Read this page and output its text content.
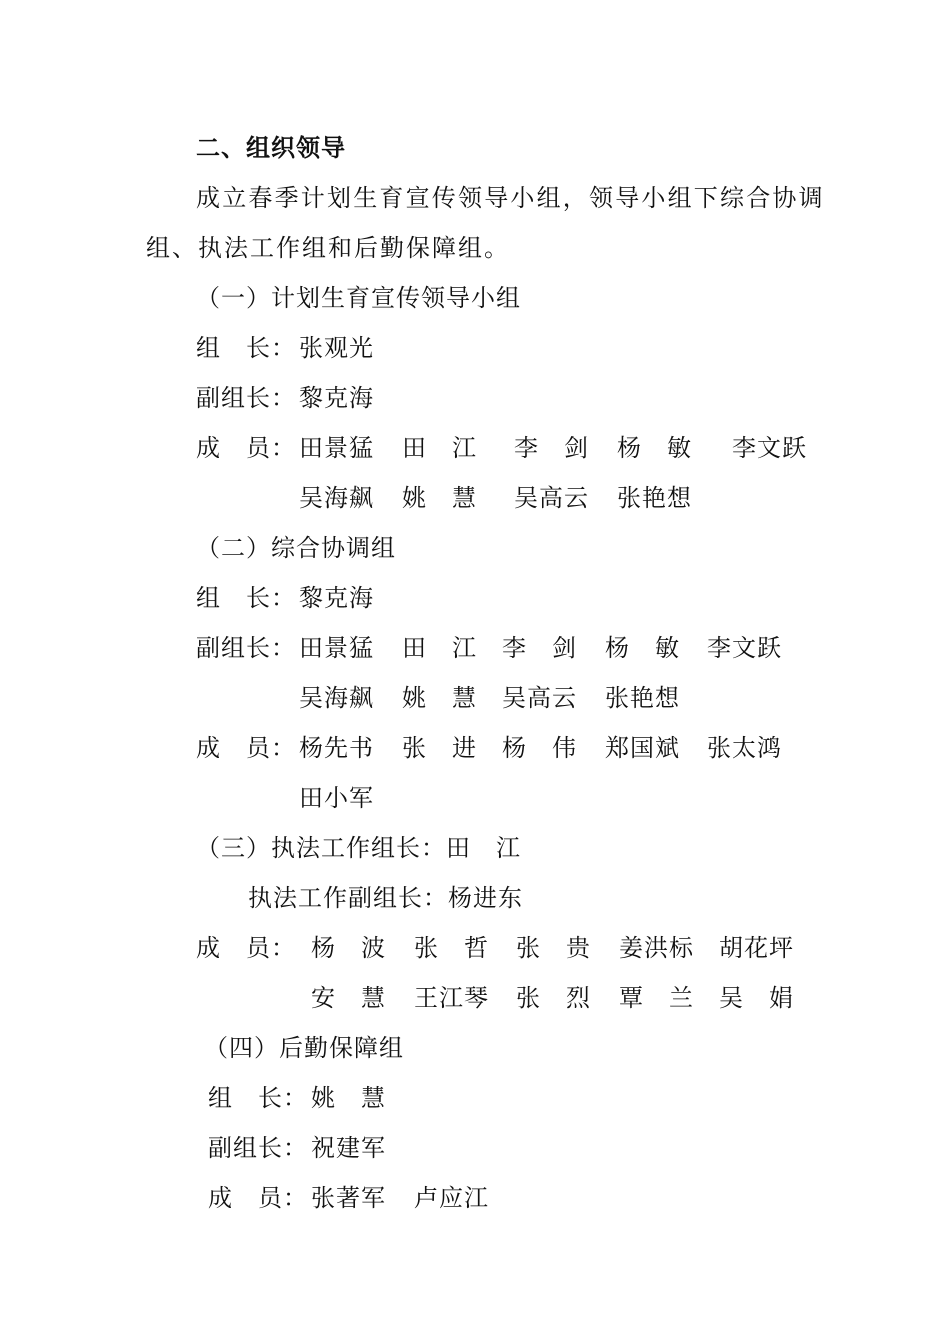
二、组织领导
成立春季计划生育宣传领导小组，领导小组下综合协调
组、执法工作组和后勤保障组。
（一）计划生育宣传领导小组
组　长： 张观光
副组长： 黎克海
成　员： 田景猛 田　江 李　剑 杨　敏 李文跃
吴海飙 姚　慧 吴高云 张艳想
（二）综合协调组
组　长： 黎克海
副组长： 田景猛 田　江 李　剑 杨　敏 李文跃
吴海飙 姚　慧 吴高云 张艳想
成　员： 杨先书 张　进 杨　伟 郑国斌 张太鸿
田小军
（三）执法工作组长：田　江
执法工作副组长：杨进东
成　员： 杨　波 张　哲 张　贵 姜洪标 胡花坪
安　慧 王江琴 张　烈 覃　兰 吴　娟
（四）后勤保障组
组　长： 姚　慧
副组长： 祝建军
成　员： 张著军 卢应江
